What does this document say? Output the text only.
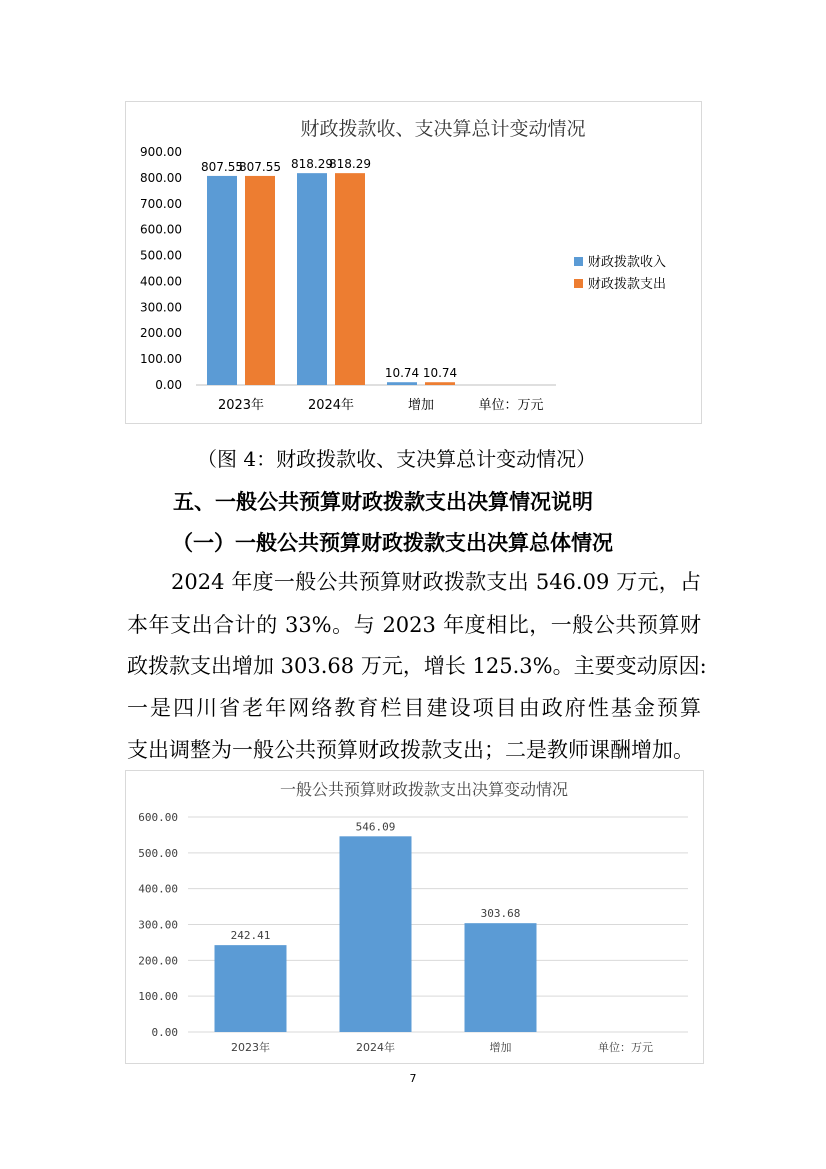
财政拨款收、支决算总计变动情况
0.00
100.00
200.00
300.00
400.00
500.00
600.00
700.00
800.00
900.00
2023年
807.55
807.55
2024年
818.29
818.29
增加
10.74 10.74
单位：万元
财政拨款收入
财政拨款支出
（图 4：财政拨款收、支决算总计变动情况）
五、一般公共预算财政拨款支出决算情况说明
（一）一般公共预算财政拨款支出决算总体情况
2024 年度一般公共预算财政拨款支出 546.09 万元，占
本年支出合计的 33%。与 2023 年度相比，一般公共预算财
政拨款支出增加 303.68 万元，增长 125.3%。主要变动原因:
一是四川省老年网络教育栏目建设项目由政府性基金预算
支出调整为一般公共预算财政拨款支出；二是教师课酬增加。
一般公共预算财政拨款支出决算变动情况
0.00
100.00
200.00
300.00
400.00
500.00
600.00
2023年
242.41
2024年
546.09
增加
303.68
单位：万元
7
